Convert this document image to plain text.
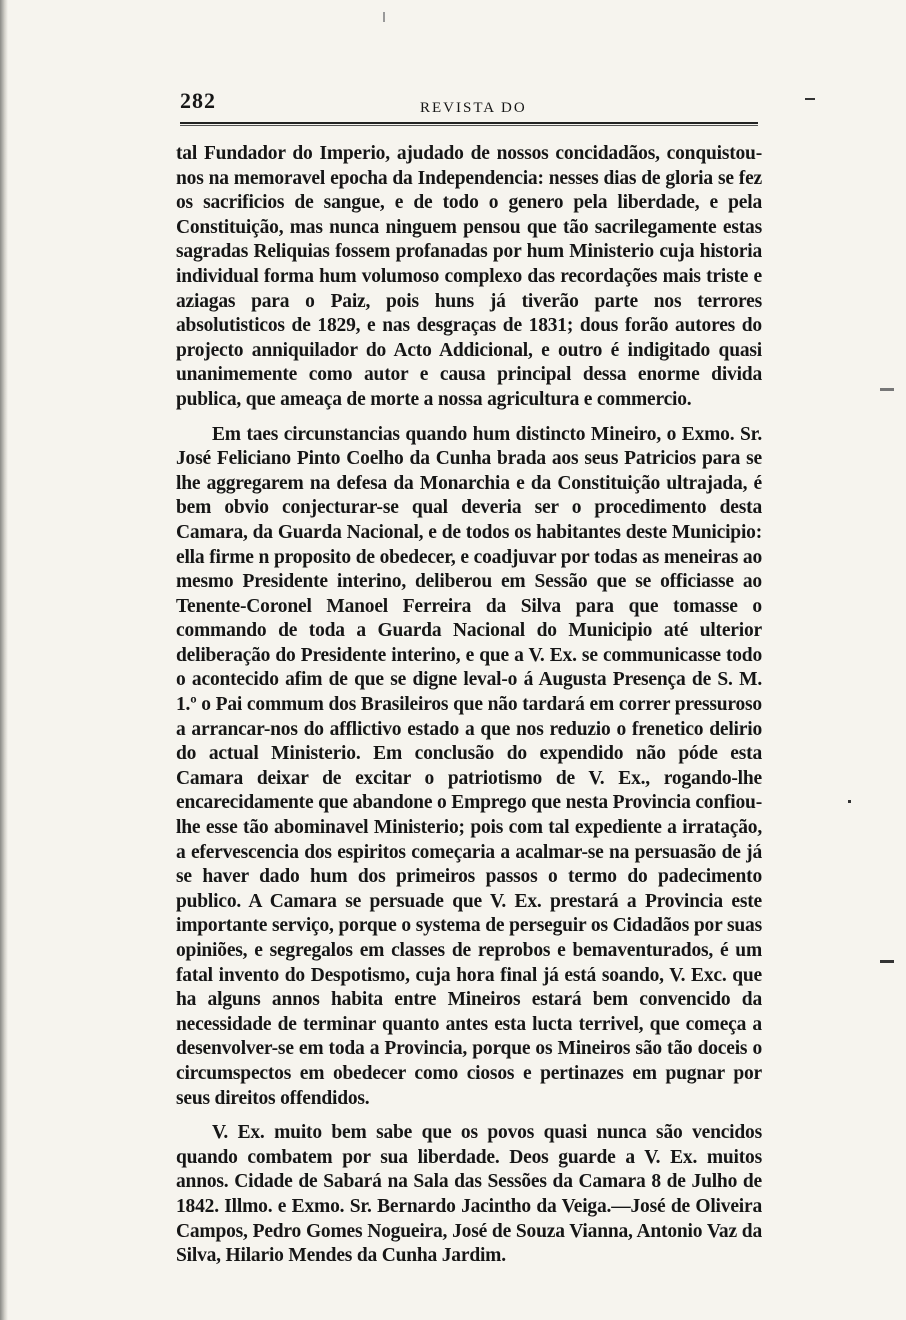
282	REVISTA DO

tal Fundador do Imperio, ajudado de nossos concidadãos, conquistou-nos na memoravel epocha da Independencia: nesses dias de gloria se fez os sacrificios de sangue, e de todo o genero pela liberdade, e pela Constituição, mas nunca ninguem pensou que tão sacrilegamente estas sagradas Reliquias fossem profanadas por hum Ministerio cuja historia individual forma hum volumoso complexo das recordações mais triste e aziagas para o Paiz, pois huns já tiverão parte nos terrores absolutisticos de 1829, e nas desgraças de 1831; dous forão autores do projecto anniquilador do Acto Addicional, e outro é indigitado quasi unanimemente como autor e causa principal dessa enorme divida publica, que ameaça de morte a nossa agricultura e commercio.

Em taes circunstancias quando hum distincto Mineiro, o Exmo. Sr. José Feliciano Pinto Coelho da Cunha brada aos seus Patricios para se lhe aggregarem na defesa da Monarchia e da Constituição ultrajada, é bem obvio conjecturar-se qual deveria ser o procedimento desta Camara, da Guarda Nacional, e de todos os habitantes deste Municipio: ella firme n proposito de obedecer, e coadjuvar por todas as meneiras ao mesmo Presidente interino, deliberou em Sessão que se officiasse ao Tenente-Coronel Manoel Ferreira da Silva para que tomasse o commando de toda a Guarda Nacional do Municipio até ulterior deliberação do Presidente interino, e que a V. Ex. se communicasse todo o acontecido afim de que se digne leval-o á Augusta Presença de S. M. 1.º o Pai commum dos Brasileiros que não tardará em correr pressuroso a arrancar-nos do afflictivo estado a que nos reduzio o frenetico delirio do actual Ministerio. Em conclusão do expendido não póde esta Camara deixar de excitar o patriotismo de V. Ex., rogando-lhe encarecidamente que abandone o Emprego que nesta Provincia confiou-lhe esse tão abominavel Ministerio; pois com tal expediente a irratação, a efervescencia dos espiritos começaria a acalmar-se na persuasão de já se haver dado hum dos primeiros passos o termo do padecimento publico. A Camara se persuade que V. Ex. prestará a Provincia este importante serviço, porque o systema de perseguir os Cidadãos por suas opiniões, e segregalos em classes de reprobos e bemaventurados, é um fatal invento do Despotismo, cuja hora final já está soando, V. Exc. que ha alguns annos habita entre Mineiros estará bem convencido da necessidade de terminar quanto antes esta lucta terrivel, que começa a desenvolver-se em toda a Provincia, porque os Mineiros são tão doceis o circumspectos em obedecer como ciosos e pertinazes em pugnar por seus direitos offendidos.

V. Ex. muito bem sabe que os povos quasi nunca são vencidos quando combatem por sua liberdade. Deos guarde a V. Ex. muitos annos. Cidade de Sabará na Sala das Sessões da Camara 8 de Julho de 1842. Illmo. e Exmo. Sr. Bernardo Jacintho da Veiga.—José de Oliveira Campos, Pedro Gomes Nogueira, José de Souza Vianna, Antonio Vaz da Silva, Hilario Mendes da Cunha Jardim.
